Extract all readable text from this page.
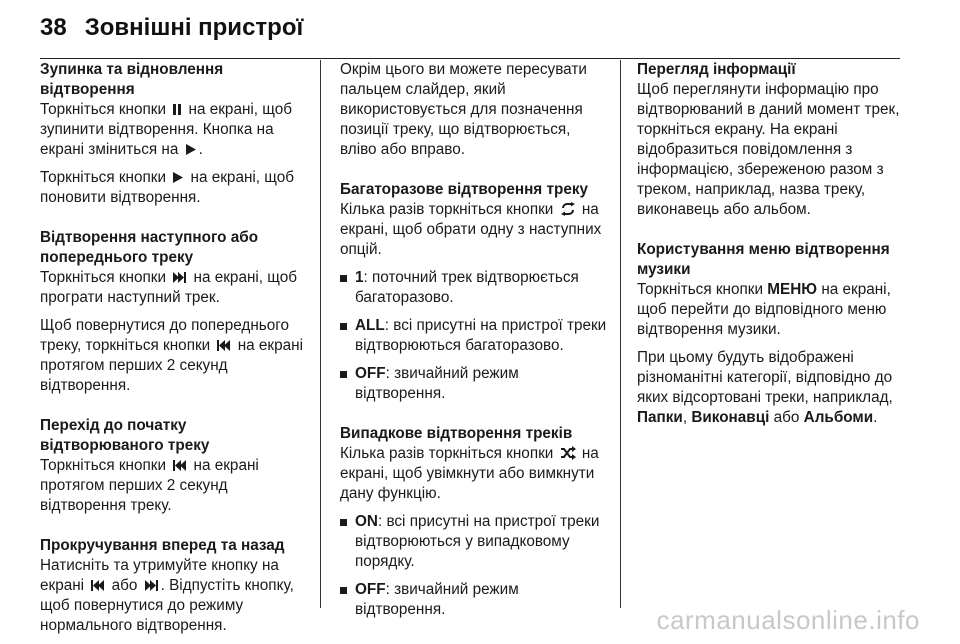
38 Зовнішні пристрої
Зупинка та відновлення відтворення

Торкніться кнопки на екрані, щоб зупинити відтворення. Кнопка на екрані зміниться на .

Торкніться кнопки на екрані, щоб поновити відтворення.

Відтворення наступного або попереднього треку

Торкніться кнопки на екрані, щоб програти наступний трек.

Щоб повернутися до попереднього треку, торкніться кнопки на екрані протягом перших 2 секунд відтворення.

Перехід до початку відтворюваного треку

Торкніться кнопки на екрані протягом перших 2 секунд відтворення треку.

Прокручування вперед та назад

Натисніть та утримуйте кнопку на екрані або . Відпустіть кнопку, щоб повернутися до режиму нормального відтворення.

Окрім цього ви можете пересувати пальцем слайдер, який використовується для позначення позиції треку, що відтворюється, вліво або вправо.

Багаторазове відтворення треку

Кілька разів торкніться кнопки на екрані, щоб обрати одну з наступних опцій.

1: поточний трек відтворюється багаторазово.
ALL: всі присутні на пристрої треки відтворюються багаторазово.
OFF: звичайний режим відтворення.
Випадкове відтворення треків

Кілька разів торкніться кнопки на екрані, щоб увімкнути або вимкнути дану функцію.

ON: всі присутні на пристрої треки відтворюються у випадковому порядку.
OFF: звичайний режим відтворення.
Перегляд інформації

Щоб переглянути інформацію про відтворюваний в даний момент трек, торкніться екрану. На екрані відобразиться повідомлення з інформацією, збереженою разом з треком, наприклад, назва треку, виконавець або альбом.

Користування меню відтворення музики

Торкніться кнопки МЕНЮ на екрані, щоб перейти до відповідного меню відтворення музики.

При цьому будуть відображені різноманітні категорії, відповідно до яких відсортовані треки, наприклад, Папки, Виконавці або Альбоми.

carmanualsonline.info
